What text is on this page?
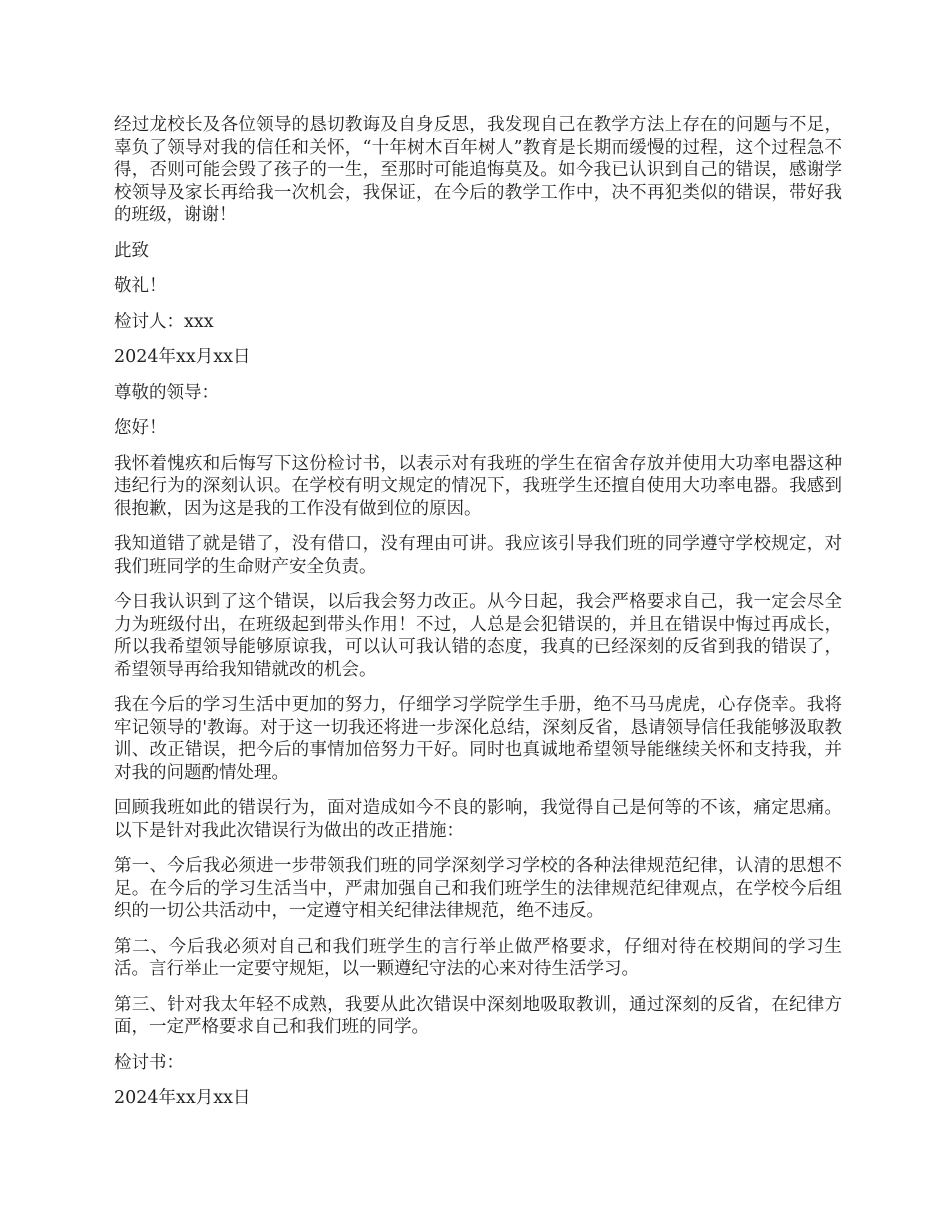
经过龙校长及各位领导的恳切教诲及自身反思，我发现自己在教学方法上存在的问题与不足，辜负了领导对我的信任和关怀，“十年树木百年树人”教育是长期而缓慢的过程，这个过程急不得，否则可能会毁了孩子的一生，至那时可能追悔莫及。如今我已认识到自己的错误，感谢学校领导及家长再给我一次机会，我保证，在今后的教学工作中，决不再犯类似的错误，带好我的班级，谢谢！

此致

敬礼！

检讨人：xxx

2024年xx月xx日

尊敬的领导：

您好！

我怀着愧疚和后悔写下这份检讨书，以表示对有我班的学生在宿舍存放并使用大功率电器这种违纪行为的深刻认识。在学校有明文规定的情况下，我班学生还擅自使用大功率电器。我感到很抱歉，因为这是我的工作没有做到位的原因。

我知道错了就是错了，没有借口，没有理由可讲。我应该引导我们班的同学遵守学校规定，对我们班同学的生命财产安全负责。

今日我认识到了这个错误，以后我会努力改正。从今日起，我会严格要求自己，我一定会尽全力为班级付出，在班级起到带头作用！不过，人总是会犯错误的，并且在错误中悔过再成长，所以我希望领导能够原谅我，可以认可我认错的态度，我真的已经深刻的反省到我的错误了，希望领导再给我知错就改的机会。

我在今后的学习生活中更加的努力，仔细学习学院学生手册，绝不马马虎虎，心存侥幸。我将牢记领导的'教诲。对于这一切我还将进一步深化总结，深刻反省，恳请领导信任我能够汲取教训、改正错误，把今后的事情加倍努力干好。同时也真诚地希望领导能继续关怀和支持我，并对我的问题酌情处理。

回顾我班如此的错误行为，面对造成如今不良的影响，我觉得自己是何等的不该，痛定思痛。以下是针对我此次错误行为做出的改正措施：

第一、今后我必须进一步带领我们班的同学深刻学习学校的各种法律规范纪律，认清的思想不足。在今后的学习生活当中，严肃加强自己和我们班学生的法律规范纪律观点，在学校今后组织的一切公共活动中，一定遵守相关纪律法律规范，绝不违反。

第二、今后我必须对自己和我们班学生的言行举止做严格要求，仔细对待在校期间的学习生活。言行举止一定要守规矩，以一颗遵纪守法的心来对待生活学习。

第三、针对我太年轻不成熟，我要从此次错误中深刻地吸取教训，通过深刻的反省，在纪律方面，一定严格要求自己和我们班的同学。

检讨书：

2024年xx月xx日
